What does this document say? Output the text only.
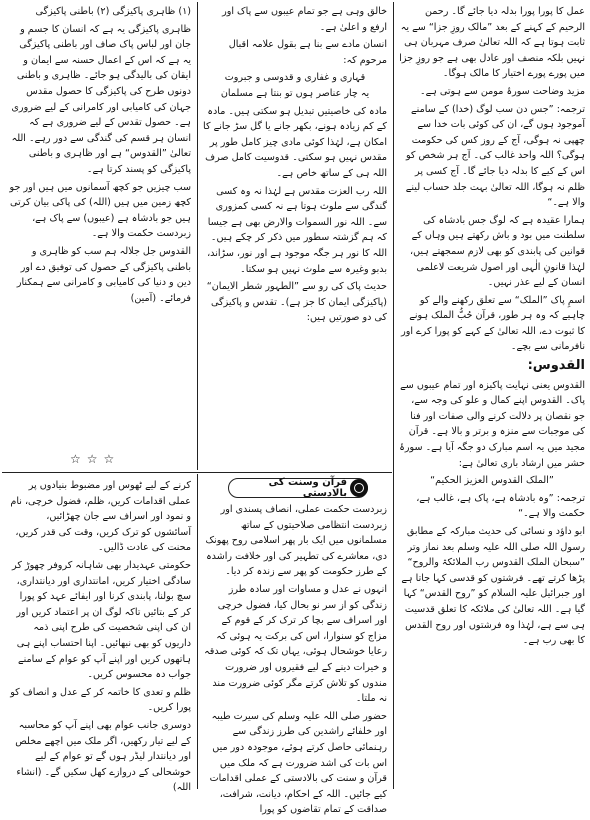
عمل کا پورا پورا بدلہ دیا جائے گا۔ رحمن الرحیم کے کہنے کے بعد ”مالک روزِ جزا“ سے یہ ثابت ہوتا ہے کہ اللہ تعالیٰ صرف مہربان ہی نہیں بلکہ منصف اور عادل بھی ہے جو روزِ جزا میں پورے پورے اختیار کا مالک ہوگا۔

مزید وضاحت سورۂ مومن سے ہوتی ہے۔

ترجمہ: ”جس دن سب لوگ (خدا) کے سامنے آموجود ہوں گے، ان کی کوئی بات خدا سے چھپی نہ ہوگی، آج کے روز کس کی حکومت ہوگی؟ اللہ واحد غالب کی۔ آج ہر شخص کو اس کے کیے کا بدلہ دیا جائے گا۔ آج کسی پر ظلم نہ ہوگا، اللہ تعالیٰ بہت جلد حساب لینے والا ہے۔“

ہمارا عقیدہ ہے کہ لوگ جس بادشاہ کی سلطنت میں بود و باش رکھتے ہیں وہاں کے قوانین کی پابندی کو بھی لازم سمجھتے ہیں، لہٰذا قانونِ الٰہی اور اصول شریعت لاعلمی انسان کے لیے عذر نہیں۔

اسمِ پاک ”الملک“ سے تعلق رکھنے والے کو چاہیے کہ وہ ہر طور، قرآن حُبُّ الملک ہونے کا ثبوت دے، اللہ تعالیٰ کے کہے کو پورا کرے اور نافرمانی سے بچے۔

القدوس:

القدوس یعنی نہایت پاکیزہ اور تمام عیبوں سے پاک۔ القدوس اپنے کمال و علو کی وجہ سے، جو نقصان پر دلالت کرنے والی صفات اور فنا کی موجبات سے منزہ و برتر و بالا ہے۔ قرآن مجید میں یہ اسم مبارک دو جگہ آیا ہے۔ سورۂ حشر میں ارشاد باری تعالیٰ ہے:

”الملک القدوس العزیز الحکیم“

ترجمہ: ”وہ بادشاہ ہے، پاک ہے، غالب ہے، حکمت والا ہے۔“

ابو داؤد و نسائی کی حدیث مبارکہ کے مطابق رسول اللہ صلی اللہ علیہ وسلم بعد نماز وتر ”سبحان الملک القدوس رب الملائکۃ والروح“ پڑھا کرتے تھے۔ فرشتوں کو قدسی کہا جاتا ہے اور جبرائیل علیہ السلام کو ”روح القدس“ کہا گیا ہے۔ اللہ تعالیٰ کی ملائکہ کا تعلق قدسیت ہی سے ہے، لہٰذا وہ فرشتوں اور روح القدس کا بھی رب ہے۔

خالق وہی ہے جو تمام عیبوں سے پاک اور ارفع و اعلیٰ ہے۔

انسان مادے سے بنا ہے بقول علامہ اقبال مرحوم کہ:

قہاری و غفاری و قدوسی و جبروت
یہ چار عناصر ہوں تو بنتا ہے مسلمان

مادہ کی خاصیتیں تبدیل ہو سکتی ہیں۔ مادہ کے کم زیادہ ہونے، بکھر جانے یا گل سڑ جانے کا امکان ہے، لہٰذا کوئی مادی چیز کامل طور پر مقدس نہیں ہو سکتی۔ قدوسیت کامل صرف اللہ ہی کے ساتھ خاص ہے۔

اللہ رب العزت مقدس ہے لہٰذا نہ وہ کسی گندگی سے ملوث ہوتا ہے نہ کسی کمزوری سے۔ اللہ نور السموات والارض بھی ہے جیسا کہ ہم گزشتہ سطور میں ذکر کر چکے ہیں۔ اللہ کا نور ہر جگہ موجود ہے اور نور، سڑاند، بدبو وغیرہ سے ملوث نہیں ہو سکتا۔

حدیث پاک کی رو سے ”الطہور شطر الایمان“ (پاکیزگی ایمان کا جز ہے)۔ تقدس و پاکیزگی کی دو صورتیں ہیں:

(۱) ظاہری پاکیزگی (۲) باطنی پاکیزگی

ظاہری پاکیزگی یہ ہے کہ انسان کا جسم و جان اور لباس پاک صاف اور باطنی پاکیزگی یہ ہے کہ اس کے اعمال حسنہ سے ایمان و ایقان کی بالیدگی ہو جائے۔ ظاہری و باطنی دونوں طرح کی پاکیزگی کا حصول مقدس جہان کی کامیابی اور کامرانی کے لیے ضروری ہے۔ حصول تقدس کے لیے ضروری ہے کہ انسان ہر قسم کی گندگی سے دور رہے۔ اللہ تعالیٰ ”القدوس“ ہے اور ظاہری و باطنی پاکیزگی کو پسند کرتا ہے۔

سب چیزیں جو کچھ آسمانوں میں ہیں اور جو کچھ زمین میں ہیں (اللہ) کی پاکی بیان کرتی ہیں جو بادشاہ ہے (عیبوں) سے پاک ہے، زبردست حکمت والا ہے۔

القدوس جل جلالہ ہم سب کو ظاہری و باطنی پاکیزگی کے حصول کی توفیق دے اور دین و دنیا کی کامیابی و کامرانی سے ہمکنار فرمائے۔ (آمین)

☆☆☆
قرآن وسنت کی بالادستی

زبردست حکمت عملی، انصاف پسندی اور زبردست انتظامی صلاحیتوں کے ساتھ مسلمانوں میں ایک بار پھر اسلامی روح پھونک دی، معاشرے کی تطہیر کی اور خلافت راشدہ کے طرز حکومت کو پھر سے زندہ کر دیا۔

انہوں نے عدل و مساوات اور سادہ طرز زندگی کو از سر نو بحال کیا، فضول خرچی اور اسراف سے بچا کر ترک کر کے قوم کے مزاج کو سنوارا، اس کی برکت یہ ہوئی کہ رعایا خوشحال ہوئی، یہاں تک کہ کوئی صدقہ و خیرات دینے کے لیے فقیروں اور ضرورت مندوں کو تلاش کرتے مگر کوئی ضرورت مند نہ ملتا۔

حضور صلی اللہ علیہ وسلم کی سیرت طیبہ اور خلفائے راشدین کی طرز زندگی سے رہنمائی حاصل کرتے ہوئے، موجودہ دور میں اس بات کی اشد ضرورت ہے کہ ملک میں قرآن و سنت کی بالادستی کے عملی اقدامات کیے جائیں۔ اللہ کے احکام، دیانت، شرافت، صداقت کے تمام تقاضوں کو پورا

کرنے کے لیے ٹھوس اور مضبوط بنیادوں پر عملی اقدامات کریں، ظلم، فضول خرچی، نام و نمود اور اسراف سے جان چھڑائیں، آسائشوں کو ترک کریں، وقت کی قدر کریں، محنت کی عادت ڈالیں۔

حکومتی عہدیدار بھی شاہانہ کروفر چھوڑ کر سادگی اختیار کریں، امانتداری اور دیانتداری، سچ بولنا، پابندی کرنا اور ایفائے عہد کو پورا کر کے بتائیں تاکہ لوگ ان پر اعتماد کریں اور ان کی اپنی شخصیت کی طرح اپنی ذمہ داریوں کو بھی نبھائیں۔ اپنا احتساب اپنے ہی ہاتھوں کریں اور اپنے آپ کو عوام کے سامنے جواب دہ محسوس کریں۔

ظلم و تعدی کا خاتمہ کر کے عدل و انصاف کو پورا کریں۔

دوسری جانب عوام بھی اپنے آپ کو محاسبہ کے لیے تیار رکھیں، اگر ملک میں اچھے مخلص اور دیانتدار لیڈر ہوں گے تو عوام کے لیے خوشحالی کے دروازے کھل سکیں گے۔ (انشاء اللہ)
